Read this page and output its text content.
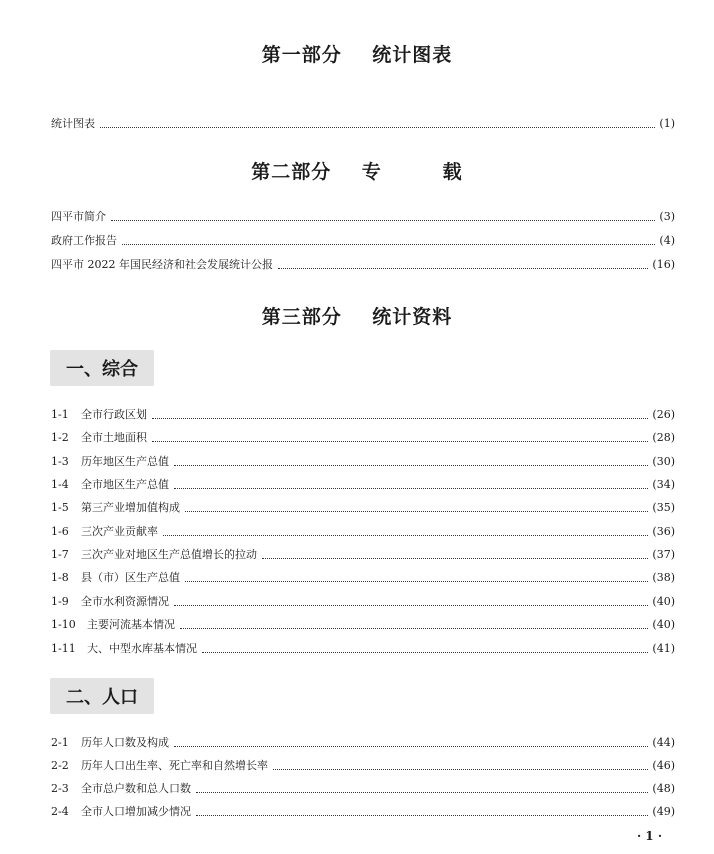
第一部分    统计图表
第二部分    专        载
第三部分    统计资料
统计图表	(1)
四平市简介	(3)
政府工作报告	(4)
四平市 2022 年国民经济和社会发展统计公报	(16)
一、综合
1-1	全市行政区划	(26)
1-2	全市土地面积	(28)
1-3	历年地区生产总值	(30)
1-4	全市地区生产总值	(34)
1-5	第三产业增加值构成	(35)
1-6	三次产业贡献率	(36)
1-7	三次产业对地区生产总值增长的拉动	(37)
1-8	县（市）区生产总值	(38)
1-9	全市水利资源情况	(40)
1-10	主要河流基本情况	(40)
1-11	大、中型水库基本情况	(41)
二、人口
2-1	历年人口数及构成	(44)
2-2	历年人口出生率、死亡率和自然增长率	(46)
2-3	全市总户数和总人口数	(48)
2-4	全市人口增加减少情况	(49)
· 1 ·
